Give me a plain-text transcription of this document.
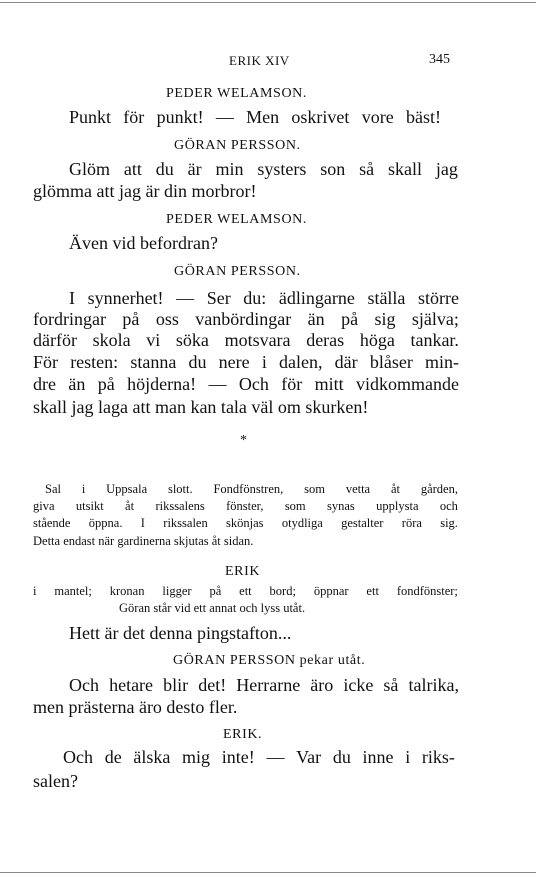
ERIK XIV	345
PEDER WELAMSON.
Punkt för punkt! — Men oskrivet vore bäst!
GÖRAN PERSSON.
Glöm att du är min systers son så skall jag
glömma att jag är din morbror!
PEDER WELAMSON.
Även vid befordran?
GÖRAN PERSSON.
I synnerhet! — Ser du: ädlingarne ställa större
fordringar på oss vanbördingar än på sig själva;
därför skola vi söka motsvara deras höga tankar.
För resten: stanna du nere i dalen, där blåser min-
dre än på höjderna! — Och för mitt vidkommande
skall jag laga att man kan tala väl om skurken!
*
Sal i Uppsala slott. Fondfönstren, som vetta åt gården,
giva utsikt åt rikssalens fönster, som synas upplysta och
stående öppna. I rikssalen skönjas otydliga gestalter röra sig.
Detta endast när gardinerna skjutas åt sidan.
ERIK
i mantel; kronan ligger på ett bord; öppnar ett fondfönster;
Göran står vid ett annat och lyss utåt.
Hett är det denna pingstafton...
GÖRAN PERSSON pekar utåt.
Och hetare blir det! Herrarne äro icke så talrika,
men prästerna äro desto fler.
ERIK.
Och de älska mig inte! — Var du inne i riks-
salen?
